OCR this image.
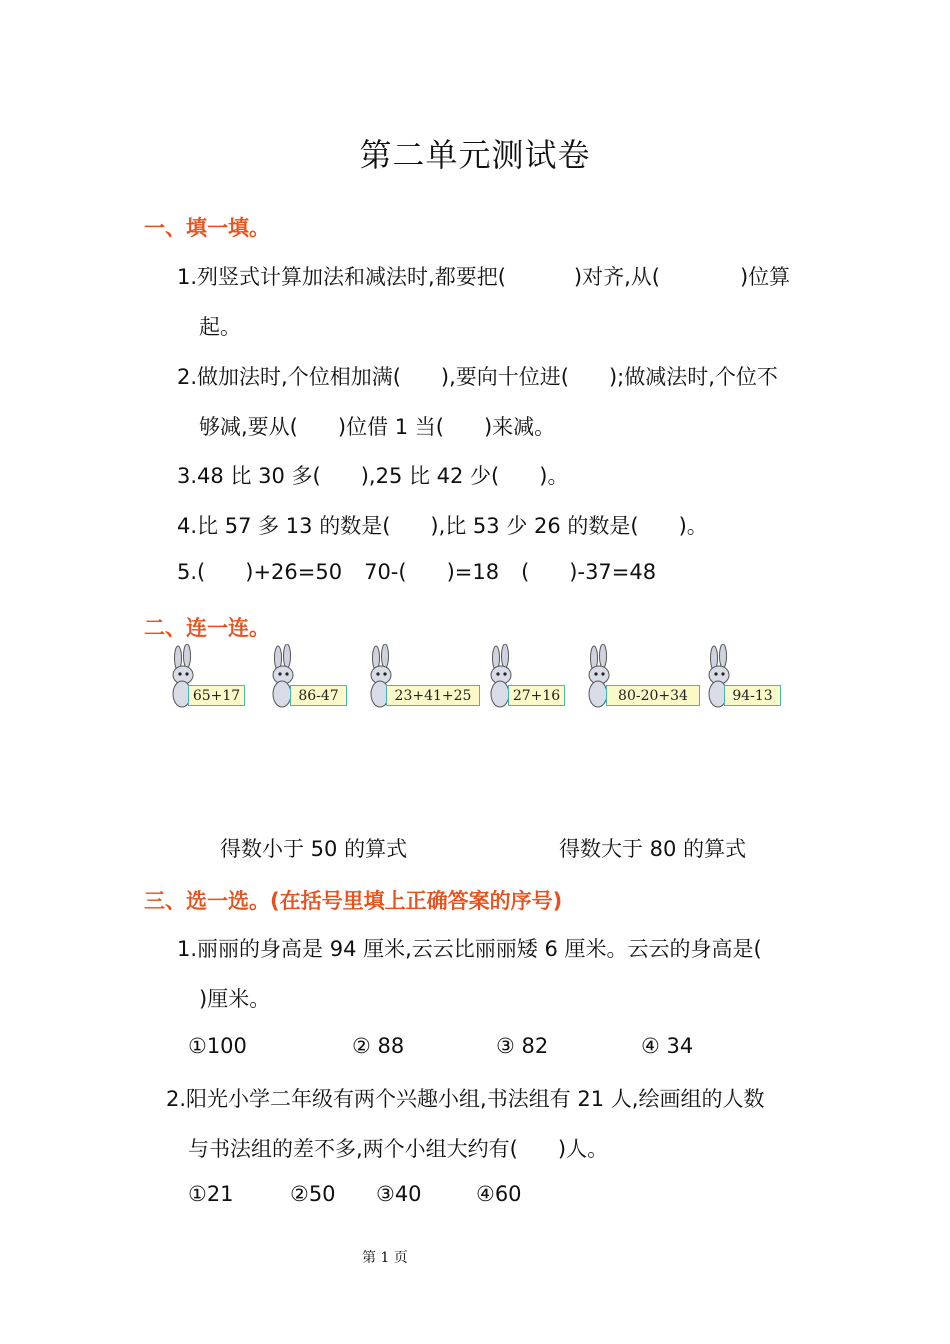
第二单元测试卷
一、填一填。
1.列竖式计算加法和减法时,都要把(	)对齐,从(	)位算
起。
2.做加法时,个位相加满( ),要向十位进( );做减法时,个位不
够减,要从( )位借 1 当( )来减。
3.48 比 30 多( ),25 比 42 少( )。
4.比 57 多 13 的数是( ),比 53 少 26 的数是( )。
5.( )+26=50 70-( )=18 ( )-37=48
二、连一连。
65+17	86-47	23+41+25	27+16	80-20+34	94-13
得数小于 50 的算式	得数大于 80 的算式
三、选一选。(在括号里填上正确答案的序号)
1.丽丽的身高是 94 厘米,云云比丽丽矮 6 厘米。云云的身高是(
)厘米。
①100	② 88	③ 82	④ 34
2.阳光小学二年级有两个兴趣小组,书法组有 21 人,绘画组的人数
与书法组的差不多,两个小组大约有( )人。
①21	②50 ③40	④60
第 1 页
